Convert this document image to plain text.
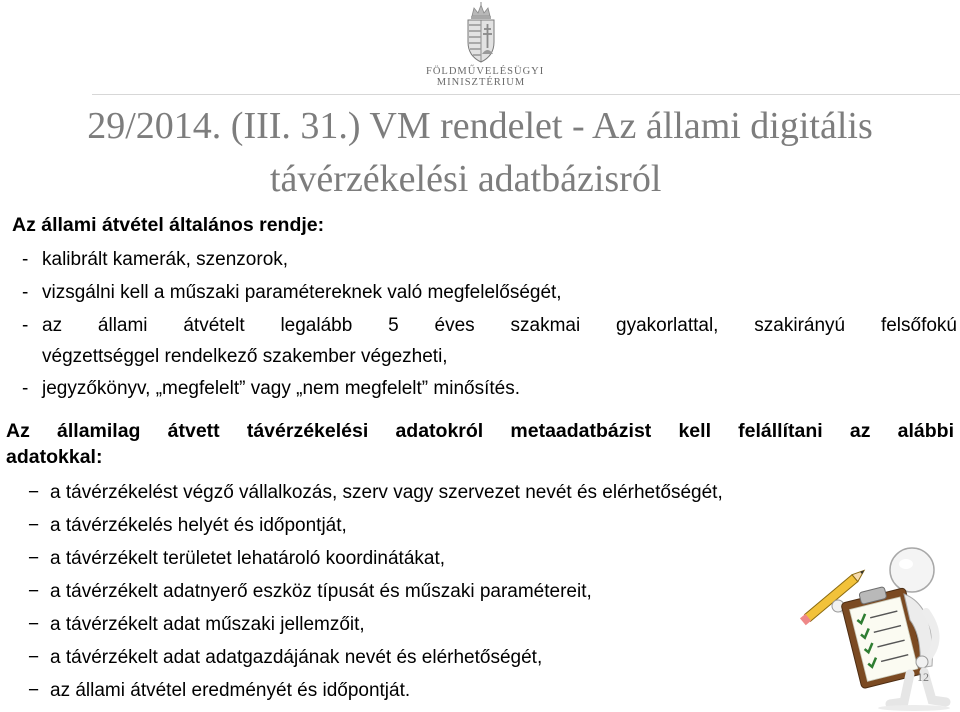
FÖLDMŰVELÉSÜGYI
MINISZTÉRIUM
29/2014. (III. 31.) VM rendelet - Az állami digitális
távérzékelési adatbázisról
Az állami átvétel általános rendje:
- kalibrált kamerák, szenzorok,
- vizsgálni kell a műszaki paramétereknek való megfelelőségét,
- az állami átvételt legalább 5 éves szakmai gyakorlattal, szakirányú felsőfokú
végzettséggel rendelkező szakember végezheti,
- jegyzőkönyv, „megfelelt” vagy „nem megfelelt” minősítés.
Az államilag átvett távérzékelési adatokról metaadatbázist kell felállítani az alábbi
adatokkal:
− a távérzékelést végző vállalkozás, szerv vagy szervezet nevét és elérhetőségét,
− a távérzékelés helyét és időpontját,
− a távérzékelt területet lehatároló koordinátákat,
− a távérzékelt adatnyerő eszköz típusát és műszaki paramétereit,
− a távérzékelt adat műszaki jellemzőit,
− a távérzékelt adat adatgazdájának nevét és elérhetőségét,
− az állami átvétel eredményét és időpontját.
12
